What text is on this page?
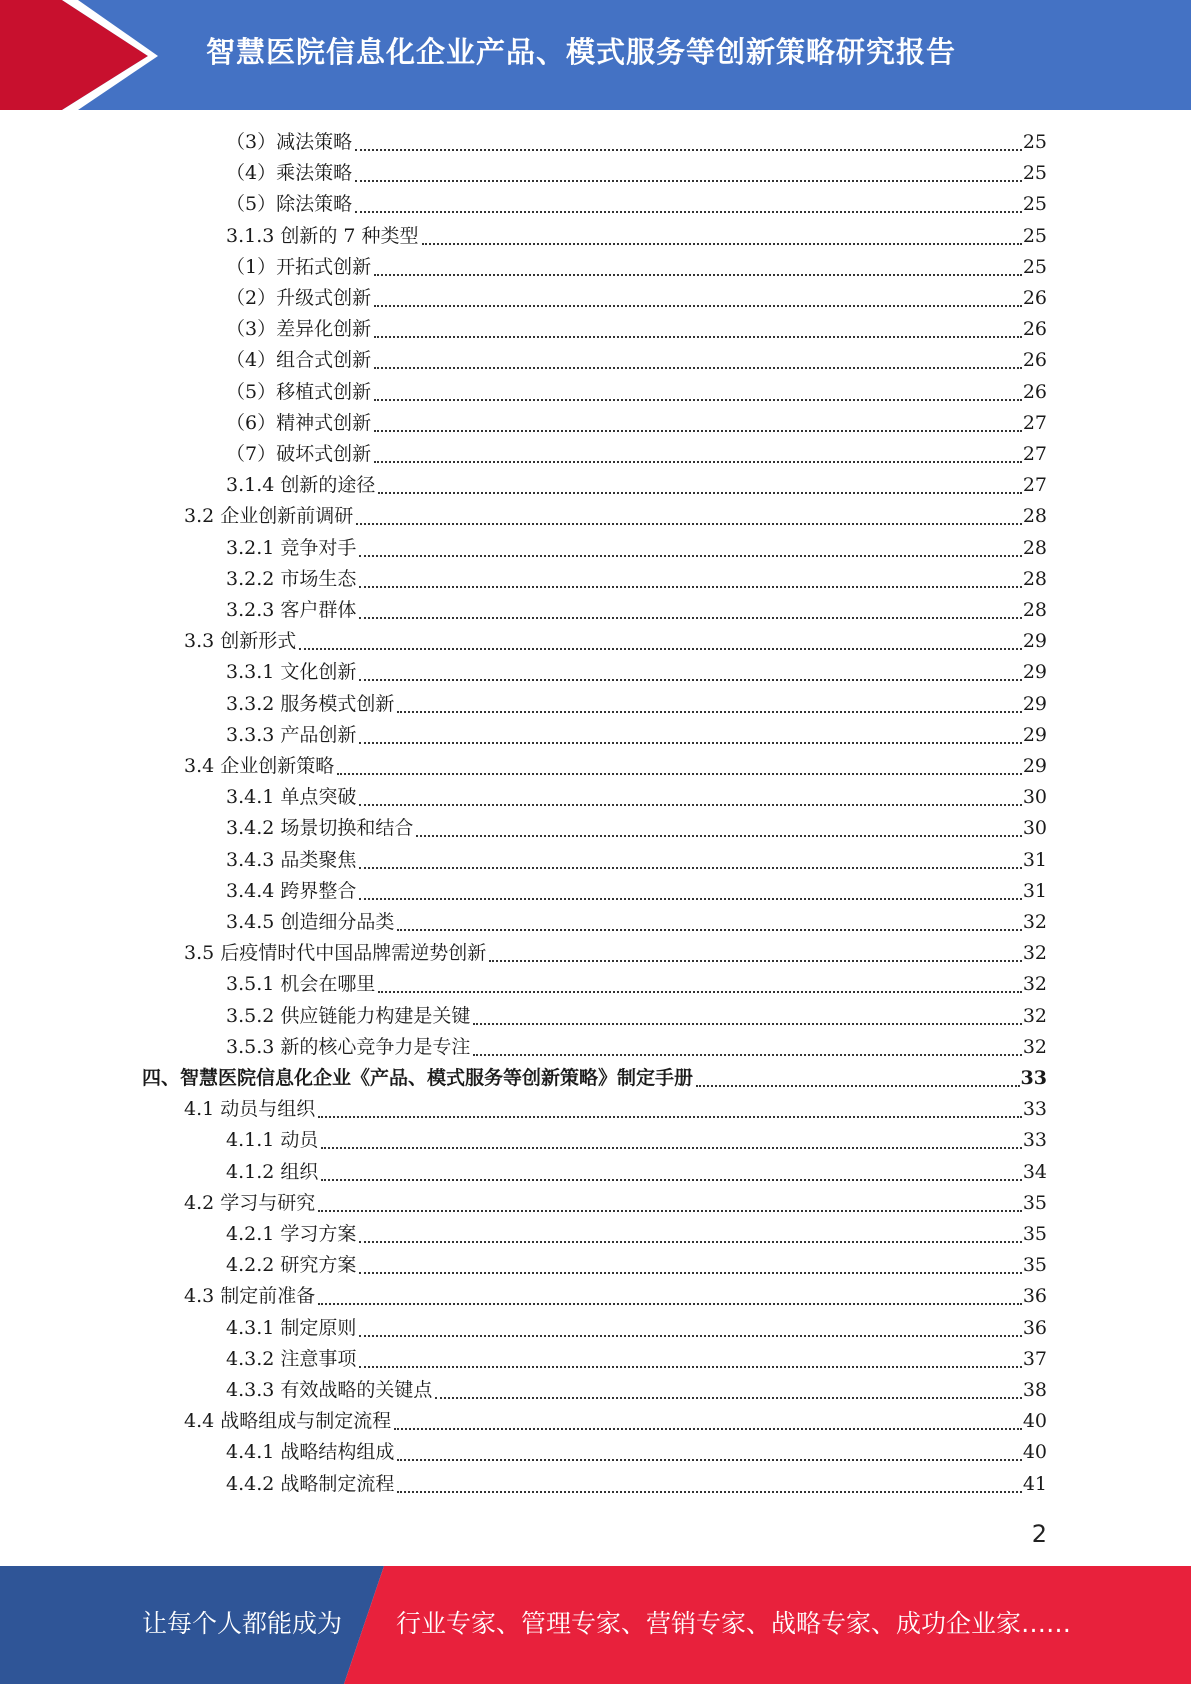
智慧医院信息化企业产品、模式服务等创新策略研究报告
（3）减法策略	25
（4）乘法策略	25
（5）除法策略	25
3.1.3 创新的 7 种类型	25
（1）开拓式创新	25
（2）升级式创新	26
（3）差异化创新	26
（4）组合式创新	26
（5）移植式创新	26
（6）精神式创新	27
（7）破坏式创新	27
3.1.4 创新的途径	27
3.2 企业创新前调研	28
3.2.1 竞争对手	28
3.2.2 市场生态	28
3.2.3 客户群体	28
3.3 创新形式	29
3.3.1 文化创新	29
3.3.2 服务模式创新	29
3.3.3 产品创新	29
3.4 企业创新策略	29
3.4.1 单点突破	30
3.4.2 场景切换和结合	30
3.4.3 品类聚焦	31
3.4.4 跨界整合	31
3.4.5 创造细分品类	32
3.5 后疫情时代中国品牌需逆势创新	32
3.5.1 机会在哪里	32
3.5.2 供应链能力构建是关键	32
3.5.3 新的核心竞争力是专注	32
四、智慧医院信息化企业《产品、模式服务等创新策略》制定手册	33
4.1 动员与组织	33
4.1.1 动员	33
4.1.2 组织	34
4.2 学习与研究	35
4.2.1 学习方案	35
4.2.2 研究方案	35
4.3 制定前准备	36
4.3.1 制定原则	36
4.3.2 注意事项	37
4.3.3 有效战略的关键点	38
4.4 战略组成与制定流程	40
4.4.1 战略结构组成	40
4.4.2 战略制定流程	41
2
让每个人都能成为 行业专家、管理专家、营销专家、战略专家、成功企业家……
